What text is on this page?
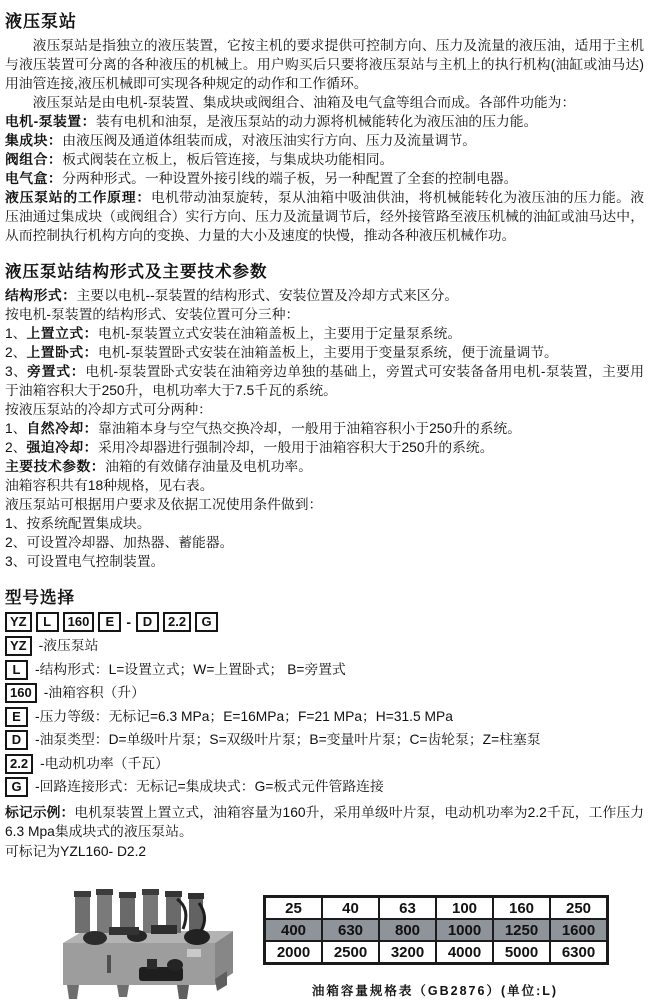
液压泵站

液压泵站是指独立的液压装置，它按主机的要求提供可控制方向、压力及流量的液压油，适用于主机与液压装置可分离的各种液压的机械上。用户购买后只要将液压泵站与主机上的执行机构(油缸或油马达)用油管连接,液压机械即可实现各种规定的动作和工作循环。

液压泵站是由电机-泵装置、集成块或阀组合、油箱及电气盒等组合而成。各部件功能为：

电机-泵装置：装有电机和油泵，是液压泵站的动力源将机械能转化为液压油的压力能。

集成块：由液压阀及通道体组装而成，对液压油实行方向、压力及流量调节。

阀组合：板式阀装在立板上，板后管连接，与集成块功能相同。

电气盒：分两种形式。一种设置外接引线的端子板，另一种配置了全套的控制电器。

液压泵站的工作原理：电机带动油泵旋转，泵从油箱中吸油供油，将机械能转化为液压油的压力能。液压油通过集成块（或阀组合）实行方向、压力及流量调节后，经外接管路至液压机械的油缸或油马达中，从而控制执行机构方向的变换、力量的大小及速度的快慢，推动各种液压机械作功。

液压泵站结构形式及主要技术参数

结构形式：主要以电机--泵装置的结构形式、安装位置及冷却方式来区分。

按电机-泵装置的结构形式、安装位置可分三种：

1、上置立式：电机-泵装置立式安装在油箱盖板上，主要用于定量泵系统。

2、上置卧式：电机-泵装置卧式安装在油箱盖板上，主要用于变量泵系统，便于流量调节。

3、旁置式：电机-泵装置卧式安装在油箱旁边单独的基础上，旁置式可安装备备用电机-泵装置，主要用于油箱容积大于250升，电机功率大于7.5千瓦的系统。

按液压泵站的冷却方式可分两种：

1、自然冷却：靠油箱本身与空气热交换冷却，一般用于油箱容积小于250升的系统。

2、强迫冷却：采用冷却器进行强制冷却，一般用于油箱容积大于250升的系统。

主要技术参数：油箱的有效储存油量及电机功率。

油箱容积共有18种规格，见右表。

液压泵站可根据用户要求及依据工况使用条件做到：

1、按系统配置集成块。

2、可设置冷却器、加热器、蓄能器。

3、可设置电气控制装置。

型号选择
YZ	L	160	E - D	2.2	G
YZ -液压泵站
L	-结构形式：L=设置立式；W=上置卧式； B=旁置式
160 -油箱容积（升）
E	-压力等级：无标记=6.3 MPa；E=16MPa；F=21 MPa；H=31.5 MPa
D	-油泵类型：D=单级叶片泵；S=双级叶片泵；B=变量叶片泵；C=齿轮泵；Z=柱塞泵
2.2 -电动机功率（千瓦）
G -回路连接形式：无标记=集成块式：G=板式元件管路连接

标记示例：电机泵装置上置立式，油箱容量为160升，采用单级叶片泵，电动机功率为2.2千瓦，工作压力6.3 Mpa集成块式的液压泵站。

可标记为YZL160- D2.2

25	40	63	100	160	250
400	630	800	1000	1250	1600
2000	2500	3200	4000	5000	6300
油箱容量规格表（GB2876）(单位:L)
